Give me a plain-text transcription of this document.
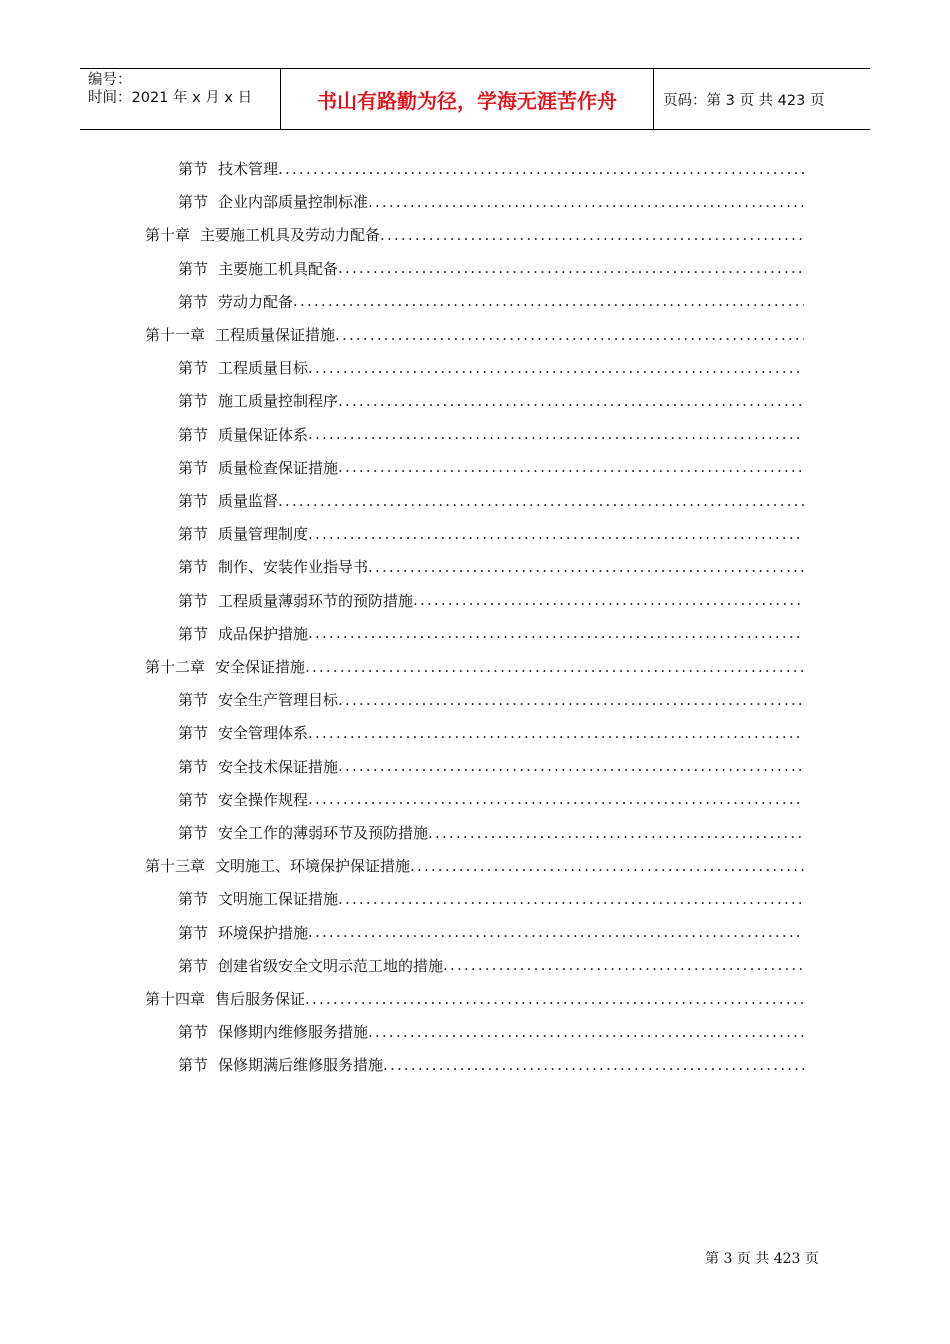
编号：
时间：2021 年 x 月 x 日	书山有路勤为径，学海无涯苦作舟	页码：第 3 页 共 423 页
第节 技术管理
.....
第节 企业内部质量控制标准
.....
第十章 主要施工机具及劳动力配备
.....
第节 主要施工机具配备
.....
第节 劳动力配备
.....
第十一章 工程质量保证措施
.....
第节 工程质量目标
.....
第节 施工质量控制程序
.....
第节 质量保证体系
.....
第节 质量检查保证措施
.....
第节 质量监督
.....
第节 质量管理制度
.....
第节 制作、安装作业指导书
.....
第节 工程质量薄弱环节的预防措施
.....
第节 成品保护措施
.....
第十二章 安全保证措施
.....
第节 安全生产管理目标
.....
第节 安全管理体系
.....
第节 安全技术保证措施
.....
第节 安全操作规程
.....
第节 安全工作的薄弱环节及预防措施
.....
第十三章 文明施工、环境保护保证措施
.....
第节 文明施工保证措施
.....
第节 环境保护措施
.....
第节 创建省级安全文明示范工地的措施
.....
第十四章 售后服务保证
.....
第节 保修期内维修服务措施
.....
第节 保修期满后维修服务措施
.....
第 3 页 共 423 页
